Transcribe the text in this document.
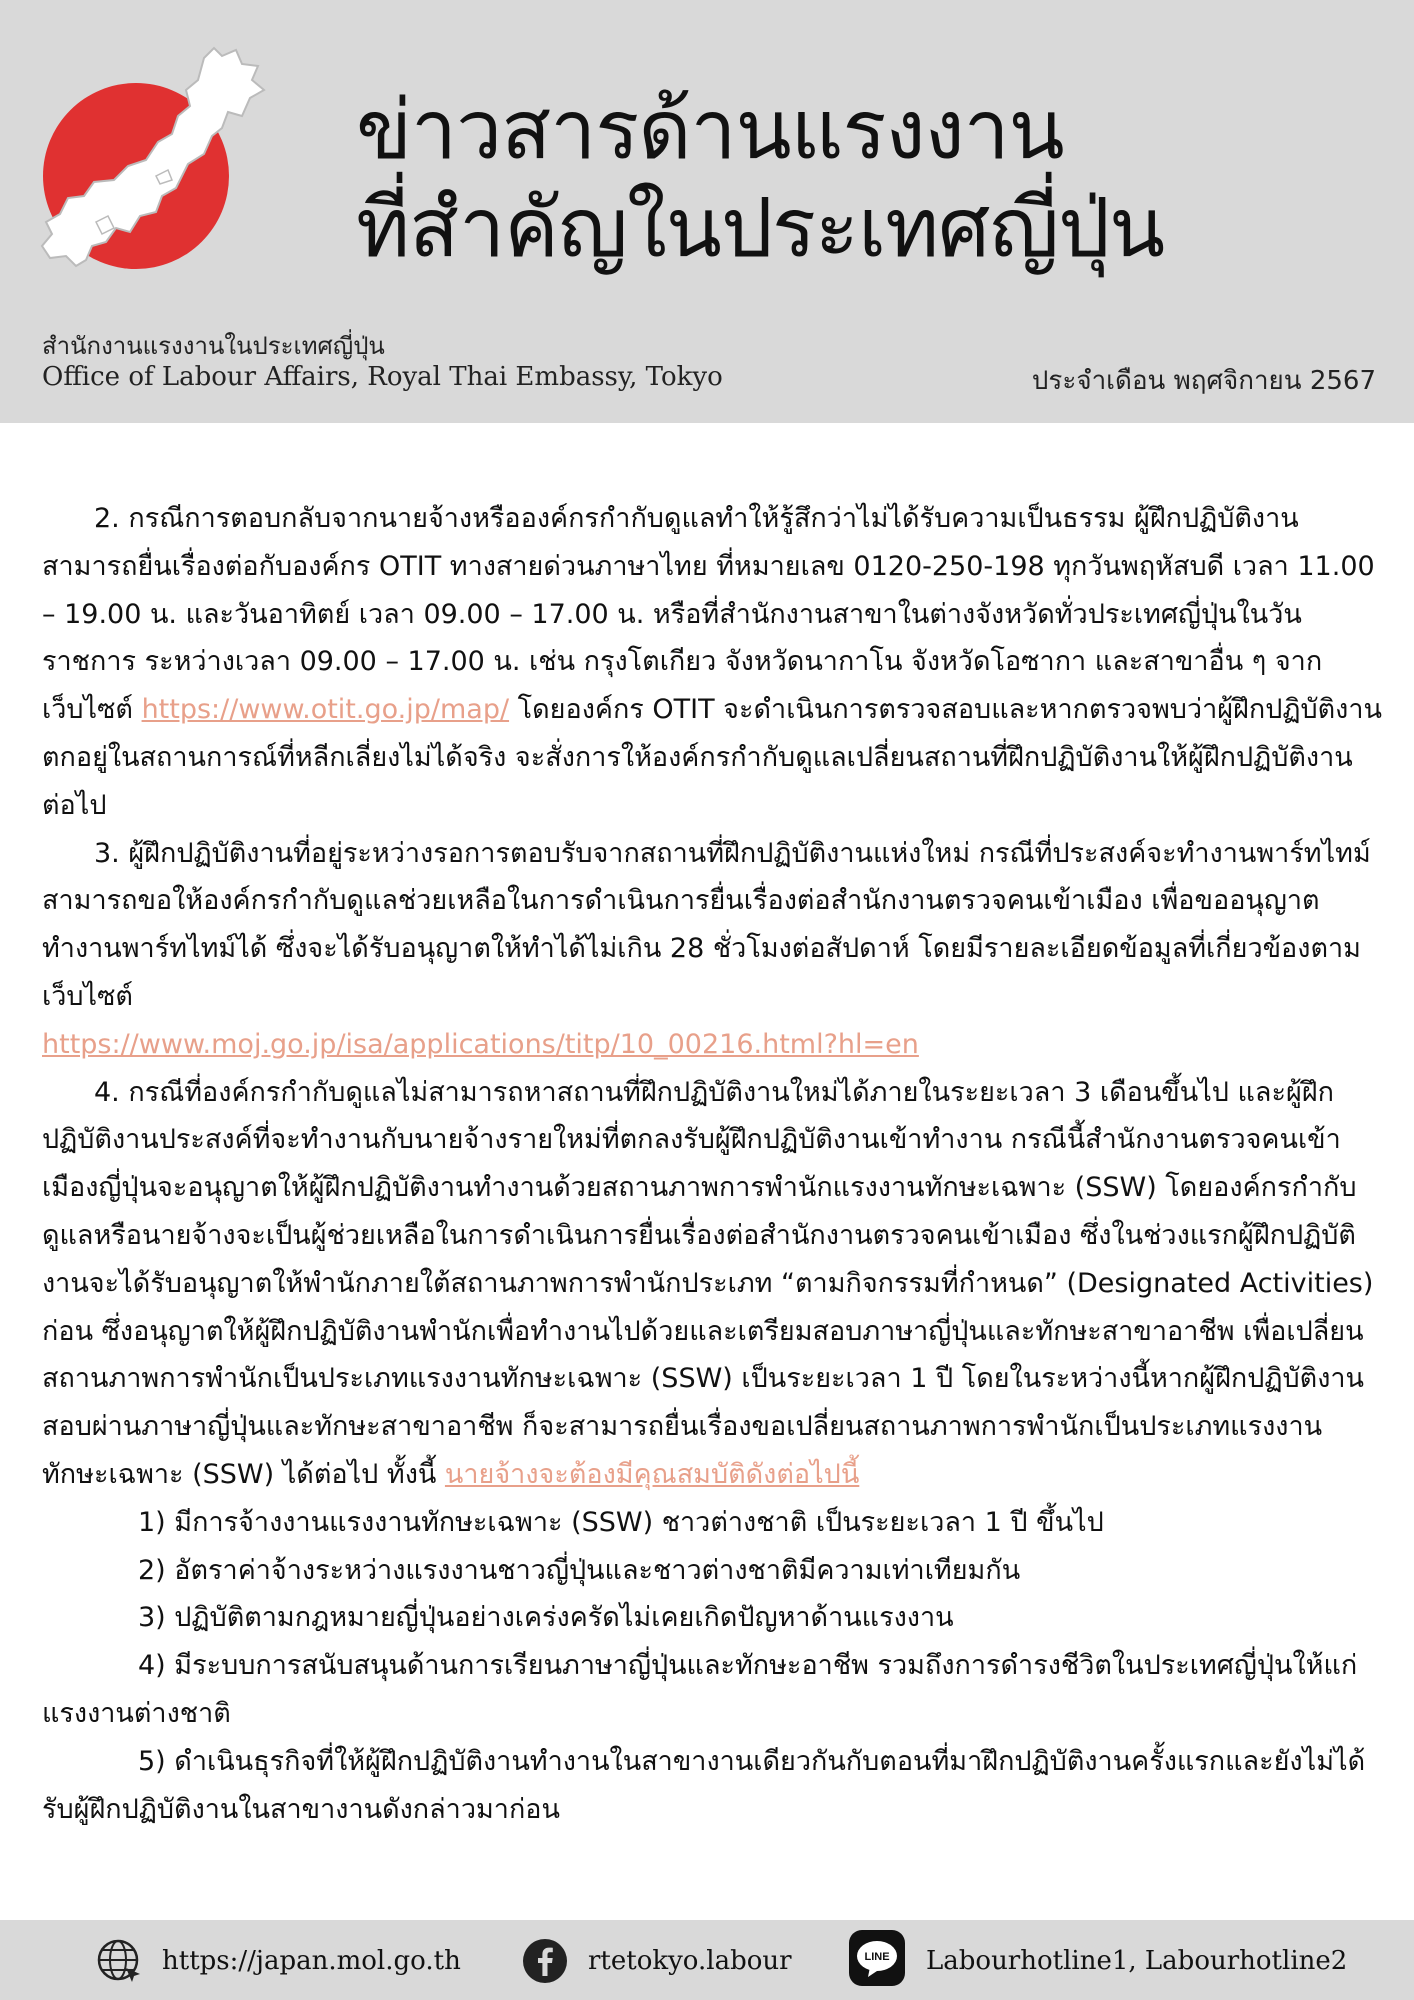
ข่าวสารด้านแรงงาน
ที่สำคัญในประเทศญี่ปุ่น
สำนักงานแรงงานในประเทศญี่ปุ่น
Office of Labour Affairs, Royal Thai Embassy, Tokyo	ประจำเดือน พฤศจิกายน 2567

2. กรณีการตอบกลับจากนายจ้างหรือองค์กรกำกับดูแลทำให้รู้สึกว่าไม่ได้รับความเป็นธรรม ผู้ฝึกปฏิบัติงานสามารถยื่นเรื่องต่อกับองค์กร OTIT ทางสายด่วนภาษาไทย ที่หมายเลข 0120-250-198 ทุกวันพฤหัสบดี เวลา 11.00 – 19.00 น. และวันอาทิตย์ เวลา 09.00 – 17.00 น. หรือที่สำนักงานสาขาในต่างจังหวัดทั่วประเทศญี่ปุ่นในวันราชการ ระหว่างเวลา 09.00 – 17.00 น. เช่น กรุงโตเกียว จังหวัดนากาโน จังหวัดโอซากา และสาขาอื่น ๆ จากเว็บไซต์ https://www.otit.go.jp/map/ โดยองค์กร OTIT จะดำเนินการตรวจสอบและหากตรวจพบว่าผู้ฝึกปฏิบัติงานตกอยู่ในสถานการณ์ที่หลีกเลี่ยงไม่ได้จริง จะสั่งการให้องค์กรกำกับดูแลเปลี่ยนสถานที่ฝึกปฏิบัติงานให้ผู้ฝึกปฏิบัติงานต่อไป

3. ผู้ฝึกปฏิบัติงานที่อยู่ระหว่างรอการตอบรับจากสถานที่ฝึกปฏิบัติงานแห่งใหม่ กรณีที่ประสงค์จะทำงานพาร์ทไทม์ สามารถขอให้องค์กรกำกับดูแลช่วยเหลือในการดำเนินการยื่นเรื่องต่อสำนักงานตรวจคนเข้าเมือง เพื่อขออนุญาตทำงานพาร์ทไทม์ได้ ซึ่งจะได้รับอนุญาตให้ทำได้ไม่เกิน 28 ชั่วโมงต่อสัปดาห์ โดยมีรายละเอียดข้อมูลที่เกี่ยวข้องตามเว็บไซต์

https://www.moj.go.jp/isa/applications/titp/10_00216.html?hl=en

4. กรณีที่องค์กรกำกับดูแลไม่สามารถหาสถานที่ฝึกปฏิบัติงานใหม่ได้ภายในระยะเวลา 3 เดือนขึ้นไป และผู้ฝึกปฏิบัติงานประสงค์ที่จะทำงานกับนายจ้างรายใหม่ที่ตกลงรับผู้ฝึกปฏิบัติงานเข้าทำงาน กรณีนี้สำนักงานตรวจคนเข้าเมืองญี่ปุ่นจะอนุญาตให้ผู้ฝึกปฏิบัติงานทำงานด้วยสถานภาพการพำนักแรงงานทักษะเฉพาะ (SSW) โดยองค์กรกำกับดูแลหรือนายจ้างจะเป็นผู้ช่วยเหลือในการดำเนินการยื่นเรื่องต่อสำนักงานตรวจคนเข้าเมือง ซึ่งในช่วงแรกผู้ฝึกปฏิบัติงานจะได้รับอนุญาตให้พำนักภายใต้สถานภาพการพำนักประเภท “ตามกิจกรรมที่กำหนด” (Designated Activities) ก่อน ซึ่งอนุญาตให้ผู้ฝึกปฏิบัติงานพำนักเพื่อทำงานไปด้วยและเตรียมสอบภาษาญี่ปุ่นและทักษะสาขาอาชีพ เพื่อเปลี่ยนสถานภาพการพำนักเป็นประเภทแรงงานทักษะเฉพาะ (SSW) เป็นระยะเวลา 1 ปี โดยในระหว่างนี้หากผู้ฝึกปฏิบัติงานสอบผ่านภาษาญี่ปุ่นและทักษะสาขาอาชีพ ก็จะสามารถยื่นเรื่องขอเปลี่ยนสถานภาพการพำนักเป็นประเภทแรงงานทักษะเฉพาะ (SSW) ได้ต่อไป ทั้งนี้ นายจ้างจะต้องมีคุณสมบัติดังต่อไปนี้

1) มีการจ้างงานแรงงานทักษะเฉพาะ (SSW) ชาวต่างชาติ เป็นระยะเวลา 1 ปี ขึ้นไป

2) อัตราค่าจ้างระหว่างแรงงานชาวญี่ปุ่นและชาวต่างชาติมีความเท่าเทียมกัน

3) ปฏิบัติตามกฎหมายญี่ปุ่นอย่างเคร่งครัดไม่เคยเกิดปัญหาด้านแรงงาน

4) มีระบบการสนับสนุนด้านการเรียนภาษาญี่ปุ่นและทักษะอาชีพ รวมถึงการดำรงชีวิตในประเทศญี่ปุ่นให้แก่แรงงานต่างชาติ

5) ดำเนินธุรกิจที่ให้ผู้ฝึกปฏิบัติงานทำงานในสาขางานเดียวกันกับตอนที่มาฝึกปฏิบัติงานครั้งแรกและยังไม่ได้รับผู้ฝึกปฏิบัติงานในสาขางานดังกล่าวมาก่อน

https://japan.mol.go.th	rtetokyo.labour	LINE Labourhotline1, Labourhotline2
